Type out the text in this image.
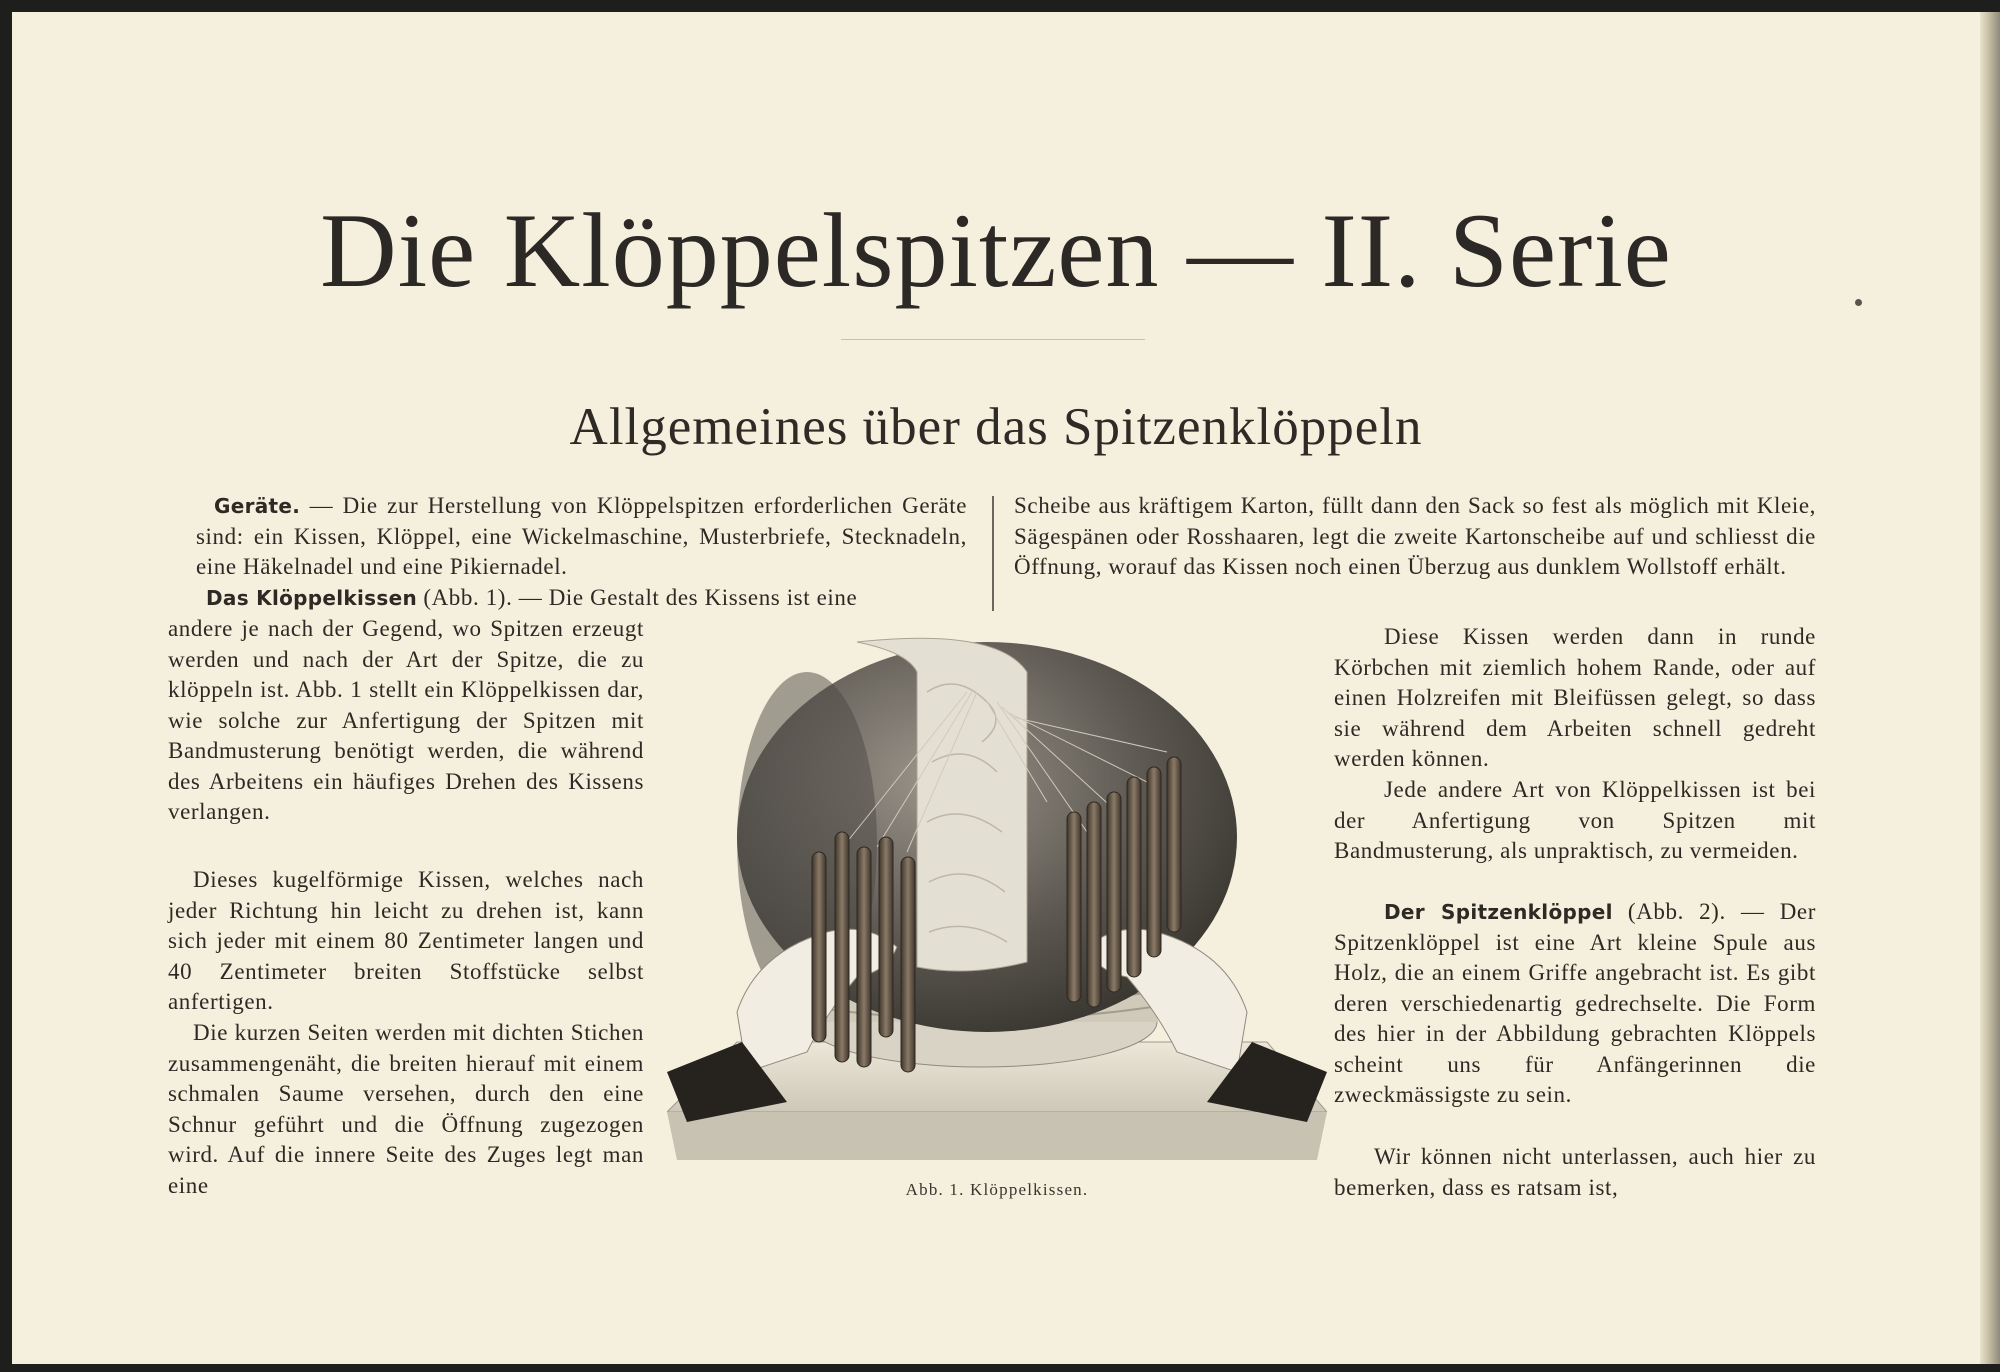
Die Klöppelspitzen — II. Serie
Allgemeines über das Spitzenklöppeln

Geräte. — Die zur Herstellung von Klöppelspitzen erforderlichen Geräte sind: ein Kissen, Klöppel, eine Wickelmaschine, Musterbriefe, Stecknadeln, eine Häkelnadel und eine Pikiernadel.

Das Klöppelkissen (Abb. 1). — Die Gestalt des Kissens ist eine

andere je nach der Gegend, wo Spitzen erzeugt werden und nach der Art der Spitze, die zu klöppeln ist. Abb. 1 stellt ein Klöppelkissen dar, wie solche zur Anfertigung der Spitzen mit Bandmusterung benötigt werden, die während des Arbeitens ein häufiges Drehen des Kissens verlangen.

Dieses kugelförmige Kissen, welches nach jeder Richtung hin leicht zu drehen ist, kann sich jeder mit einem 80 Zentimeter langen und 40 Zentimeter breiten Stoffstücke selbst anfertigen.

Die kurzen Seiten werden mit dichten Stichen zusammengenäht, die breiten hierauf mit einem schmalen Saume versehen, durch den eine Schnur geführt und die Öffnung zugezogen wird. Auf die innere Seite des Zuges legt man eine

Scheibe aus kräftigem Karton, füllt dann den Sack so fest als möglich mit Kleie, Sägespänen oder Rosshaaren, legt die zweite Kartonscheibe auf und schliesst die Öffnung, worauf das Kissen noch einen Überzug aus dunklem Wollstoff erhält.

Diese Kissen werden dann in runde Körbchen mit ziemlich hohem Rande, oder auf einen Holzreifen mit Bleifüssen gelegt, so dass sie während dem Arbeiten schnell gedreht werden können.

Jede andere Art von Klöppelkissen ist bei der Anfertigung von Spitzen mit Bandmusterung, als unpraktisch, zu vermeiden.

Der Spitzenklöppel (Abb. 2). — Der Spitzenklöppel ist eine Art kleine Spule aus Holz, die an einem Griffe angebracht ist. Es gibt deren verschiedenartig gedrechselte. Die Form des hier in der Abbildung gebrachten Klöppels scheint uns für Anfängerinnen die zweckmässigste zu sein.

Wir können nicht unterlassen, auch hier zu bemerken, dass es ratsam ist,

Abb. 1. Klöppelkissen.
